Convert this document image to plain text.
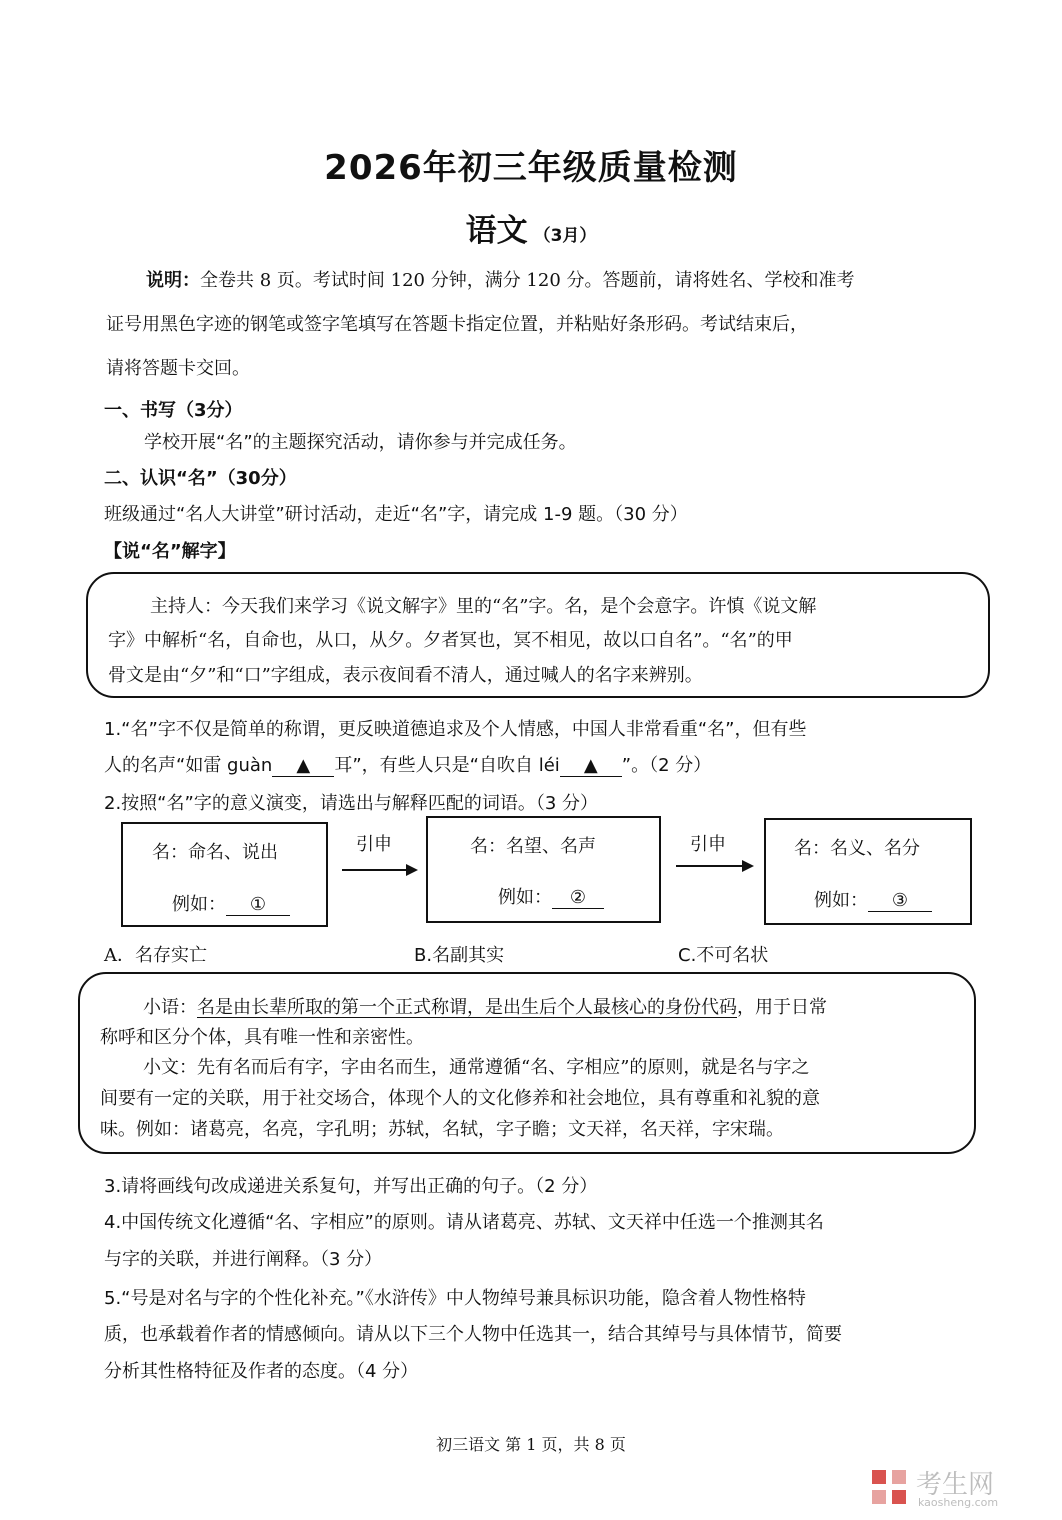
2026年初三年级质量检测
语文 （3月）
说明：全卷共 8 页。考试时间 120 分钟，满分 120 分。答题前，请将姓名、学校和准考
证号用黑色字迹的钢笔或签字笔填写在答题卡指定位置，并粘贴好条形码。考试结束后，
请将答题卡交回。
一、书写（3分）
学校开展“名”的主题探究活动，请你参与并完成任务。
二、认识“名”（30分）
班级通过“名人大讲堂”研讨活动，走近“名”字，请完成 1-9 题。（30 分）
【说“名”解字】
主持人：今天我们来学习《说文解字》里的“名”字。名，是个会意字。许慎《说文解
字》中解析“名，自命也，从口，从夕。夕者冥也，冥不相见，故以口自名”。“名”的甲
骨文是由“夕”和“口”字组成，表示夜间看不清人，通过喊人的名字来辨别。
1.“名”字不仅是简单的称谓，更反映道德追求及个人情感，中国人非常看重“名”，但有些
人的名声“如雷 guàn ▲ 耳”，有些人只是“自吹自 léi ▲ ”。（2 分）
2.按照“名”字的意义演变，请选出与解释匹配的词语。（3 分）
名：命名、说出
例如： ①
引申	名：名望、名声
例如： ②
引申	名：名义、名分
例如： ③
A．名存实亡	B.名副其实	C.不可名状
小语：名是由长辈所取的第一个正式称谓，是出生后个人最核心的身份代码，用于日常
称呼和区分个体，具有唯一性和亲密性。
小文：先有名而后有字，字由名而生，通常遵循“名、字相应”的原则，就是名与字之
间要有一定的关联，用于社交场合，体现个人的文化修养和社会地位，具有尊重和礼貌的意
味。例如：诸葛亮，名亮，字孔明；苏轼，名轼，字子瞻；文天祥，名天祥，字宋瑞。
3.请将画线句改成递进关系复句，并写出正确的句子。（2 分）
4.中国传统文化遵循“名、字相应”的原则。请从诸葛亮、苏轼、文天祥中任选一个推测其名
与字的关联，并进行阐释。（3 分）
5.“号是对名与字的个性化补充。”《水浒传》中人物绰号兼具标识功能，隐含着人物性格特
质，也承载着作者的情感倾向。请从以下三个人物中任选其一，结合其绰号与具体情节，简要
分析其性格特征及作者的态度。（4 分）
初三语文 第 1 页，共 8 页
考生网
kaosheng.com
